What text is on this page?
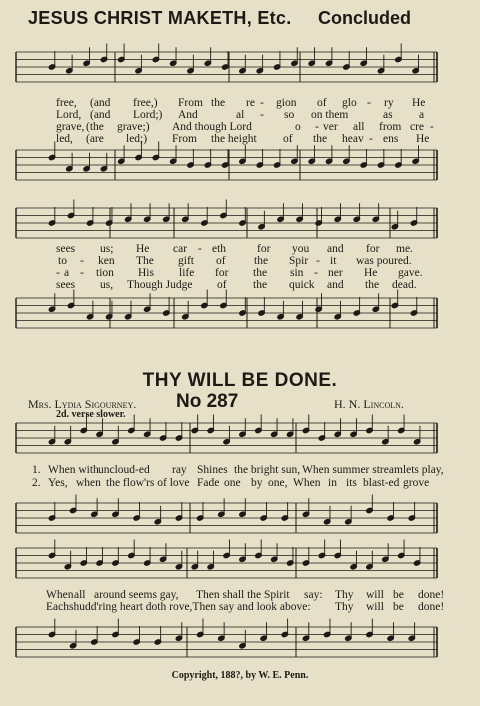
JESUS CHRIST MAKETH, Etc. Concluded
free, (and free,) From the re - gion of glo - ry He
Lord, (and Lord;) And	al - so on them	as a
grave, (the grave;) And though Lord	o - ver all from cre -
led, (are led;) From the height of the heav - ens He
sees us; He car - eth	for you and for me.
to - ken The gift of the Spir - it was poured.
- a - tion His life for the sin - ner He gave.
sees us, Though Judge of the quick and the dead.
THY WILL BE DONE.
Mrs. Lydia Sigourney. No 287	H. N. Lincoln.
2d. verse slower.
1. When with uncloud-ed ray Shines the bright sun, When summer streamlets play,
2. Yes, when the flow'rs of love Fade one by one, When in its blast-ed grove
When all around seems gay, Then shall the Spirit say: Thy will be done!
Eachshudd'ring heart doth rove,Then say and look above: Thy will be done!
Copyright, 188?, by W. E. Penn.
